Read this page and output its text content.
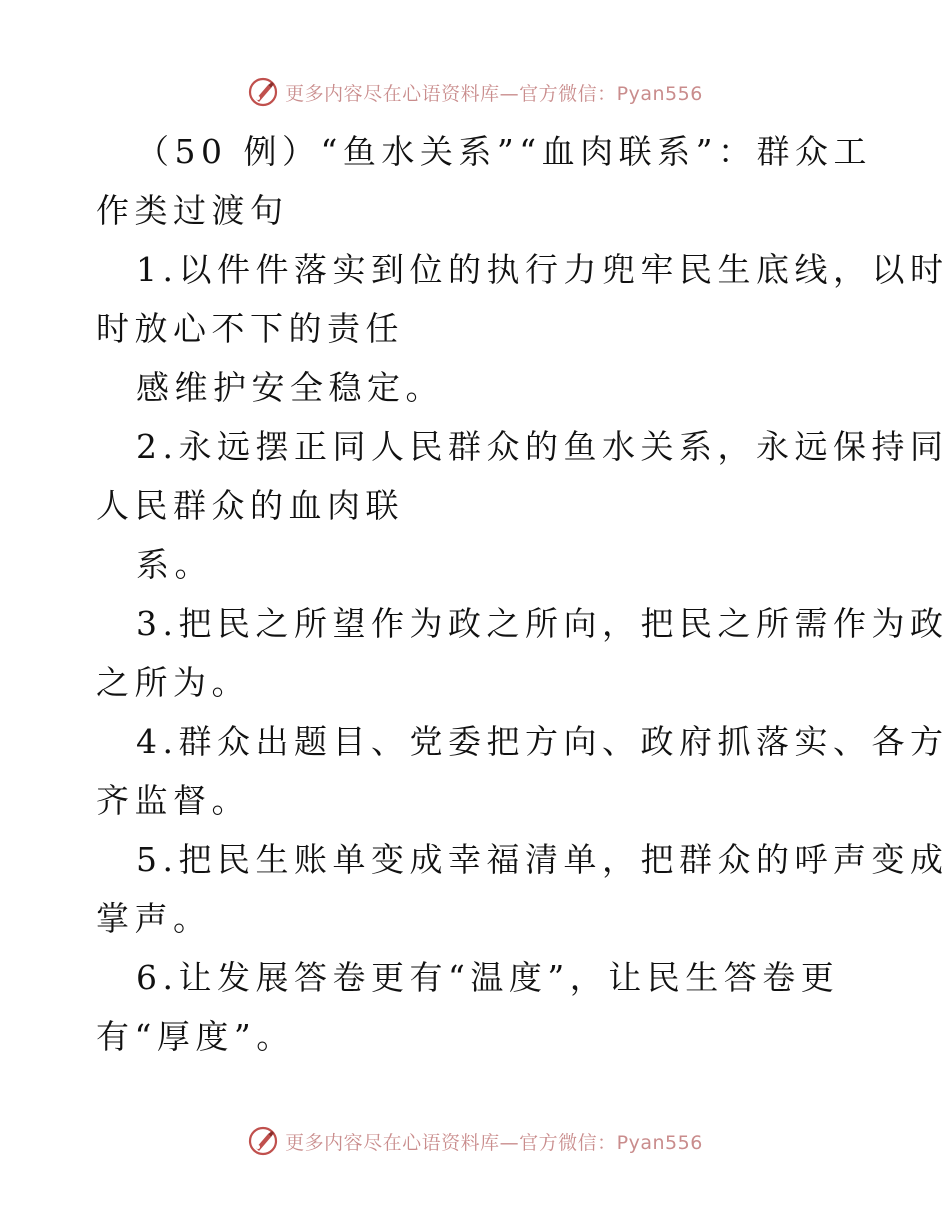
更多内容尽在心语资料库—官方微信：Pyan556
（50 例）“鱼水关系”“血肉联系”：群众工
作类过渡句
1.以件件落实到位的执行力兜牢民生底线，以时
时放心不下的责任
感维护安全稳定。
2.永远摆正同人民群众的鱼水关系，永远保持同
人民群众的血肉联
系。
3.把民之所望作为政之所向，把民之所需作为政
之所为。
4.群众出题目、党委把方向、政府抓落实、各方
齐监督。
5.把民生账单变成幸福清单，把群众的呼声变成
掌声。
6.让发展答卷更有“温度”，让民生答卷更
有“厚度”。
更多内容尽在心语资料库—官方微信：Pyan556
